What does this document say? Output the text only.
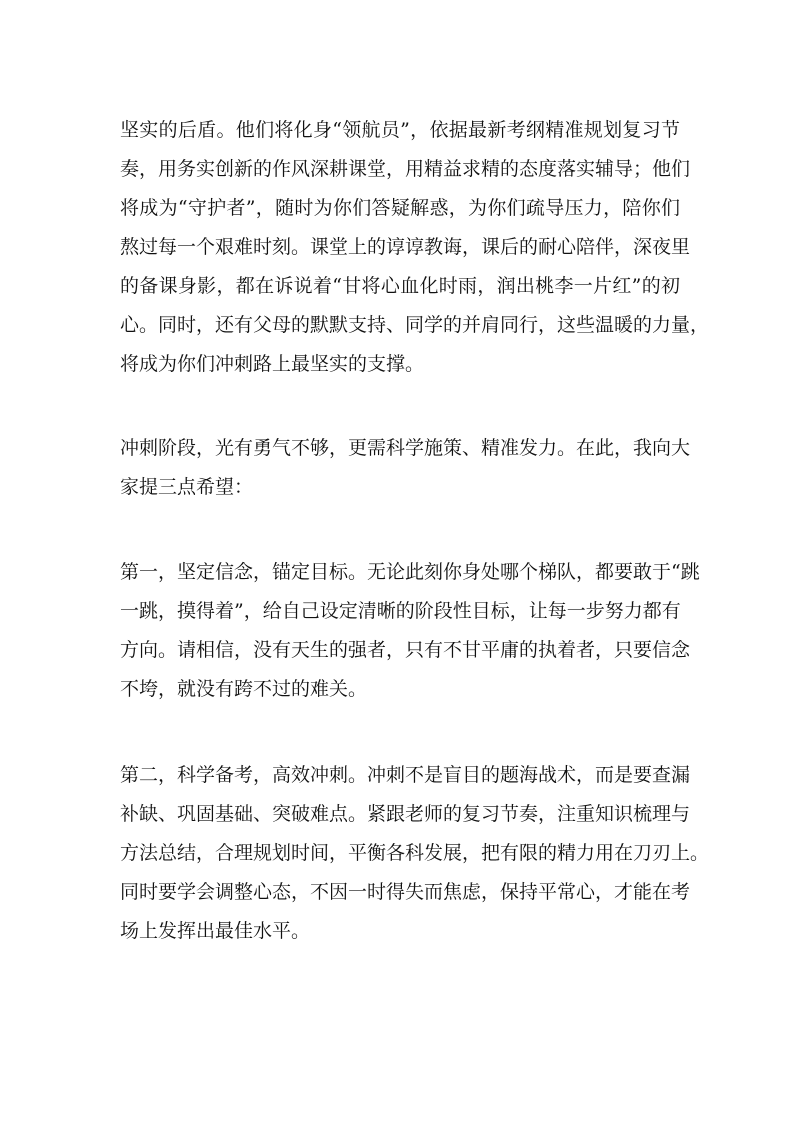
坚实的后盾。他们将化身“领航员”，依据最新考纲精准规划复习节
奏，用务实创新的作风深耕课堂，用精益求精的态度落实辅导；他们
将成为“守护者”，随时为你们答疑解惑，为你们疏导压力，陪你们
熬过每一个艰难时刻。课堂上的谆谆教诲，课后的耐心陪伴，深夜里
的备课身影，都在诉说着“甘将心血化时雨，润出桃李一片红”的初
心。同时，还有父母的默默支持、同学的并肩同行，这些温暖的力量，
将成为你们冲刺路上最坚实的支撑。
冲刺阶段，光有勇气不够，更需科学施策、精准发力。在此，我向大
家提三点希望：
第一，坚定信念，锚定目标。无论此刻你身处哪个梯队，都要敢于“跳
一跳，摸得着”，给自己设定清晰的阶段性目标，让每一步努力都有
方向。请相信，没有天生的强者，只有不甘平庸的执着者，只要信念
不垮，就没有跨不过的难关。
第二，科学备考，高效冲刺。冲刺不是盲目的题海战术，而是要查漏
补缺、巩固基础、突破难点。紧跟老师的复习节奏，注重知识梳理与
方法总结，合理规划时间，平衡各科发展，把有限的精力用在刀刃上。
同时要学会调整心态，不因一时得失而焦虑，保持平常心，才能在考
场上发挥出最佳水平。
